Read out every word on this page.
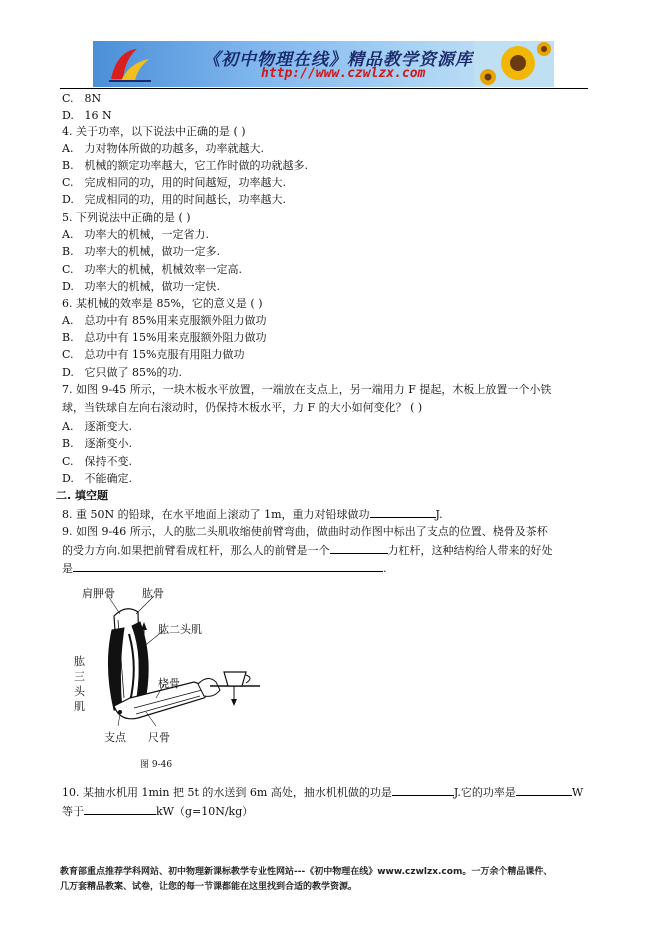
《初中物理在线》精品教学资源库
http://www.czwlzx.com
C. 8N
D. 16 N
4. 关于功率，以下说法中正确的是 ( )
A. 力对物体所做的功越多，功率就越大.
B. 机械的额定功率越大，它工作时做的功就越多.
C. 完成相同的功，用的时间越短，功率越大.
D. 完成相同的功，用的时间越长，功率越大.
5. 下列说法中正确的是 ( )
A. 功率大的机械，一定省力.
B. 功率大的机械，做功一定多.
C. 功率大的机械，机械效率一定高.
D. 功率大的机械，做功一定快.
6. 某机械的效率是 85%，它的意义是 ( )
A. 总功中有 85%用来克服额外阻力做功
B. 总功中有 15%用来克服额外阻力做功
C. 总功中有 15%克服有用阻力做功
D. 它只做了 85%的功.
7. 如图 9-45 所示，一块木板水平放置，一端放在支点上，另一端用力 F 提起，木板上放置一个小铁
球，当铁球自左向右滚动时，仍保持木板水平，力 F 的大小如何变化？ ( )
A. 逐渐变大.
B. 逐渐变小.
C. 保持不变.
D. 不能确定.
二. 填空题
8. 重 50N 的铅球，在水平地面上滚动了 1m，重力对铅球做功	J.
9. 如图 9-46 所示，人的肱二头肌收缩使前臂弯曲，做曲时动作图中标出了支点的位置、桡骨及茶杯
的受力方向.如果把前臂看成杠杆，那么人的前臂是一个	力杠杆，这种结构给人带来的好处
是	.
肩胛骨 肱骨
肱二头肌
肱
三
头
肌
桡骨
支点 尺骨
图 9-46
10. 某抽水机用 1min 把 5t 的水送到 6m 高处，抽水机机做的功是	J.它的功率是	W
等于	kW（g=10N/kg）
教育部重点推荐学科网站、初中物理新课标教学专业性网站---《初中物理在线》www.czwlzx.com。一万余个精品课件、
几万套精品教案、试卷，让您的每一节课都能在这里找到合适的教学资源。
